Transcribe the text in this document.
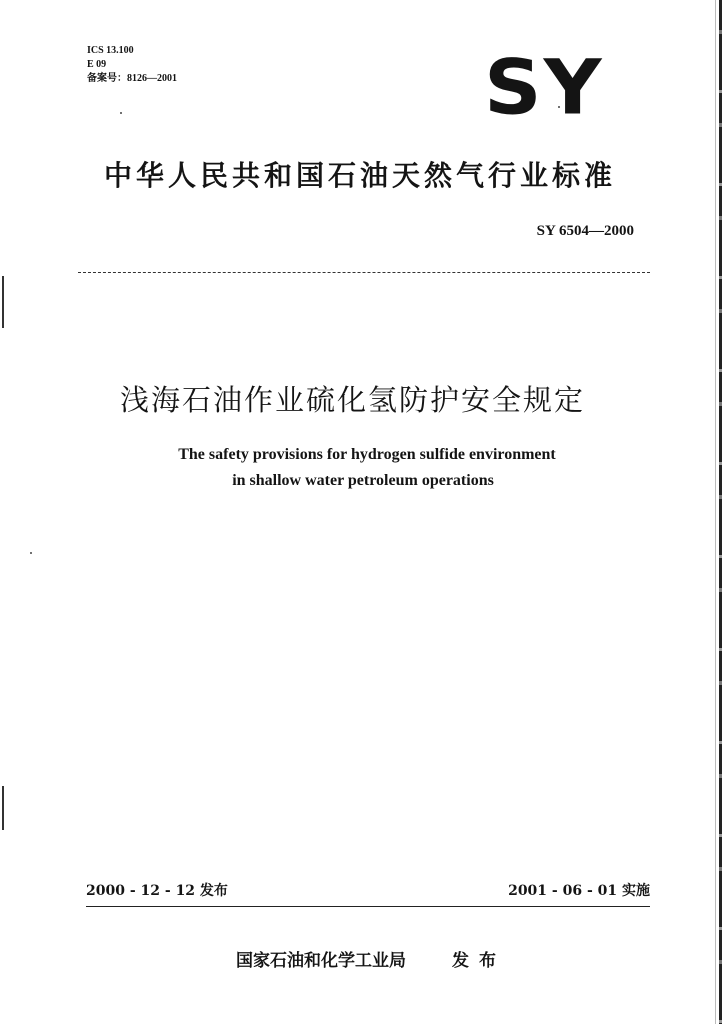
ICS 13.100
E 09
备案号：8126—2001	SY
中华人民共和国石油天然气行业标准
SY 6504—2000
浅海石油作业硫化氢防护安全规定
The safety provisions for hydrogen sulfide environment
in shallow water petroleum operations
2000 - 12 - 12 发布	2001 - 06 - 01 实施
国家石油和化学工业局	发布
